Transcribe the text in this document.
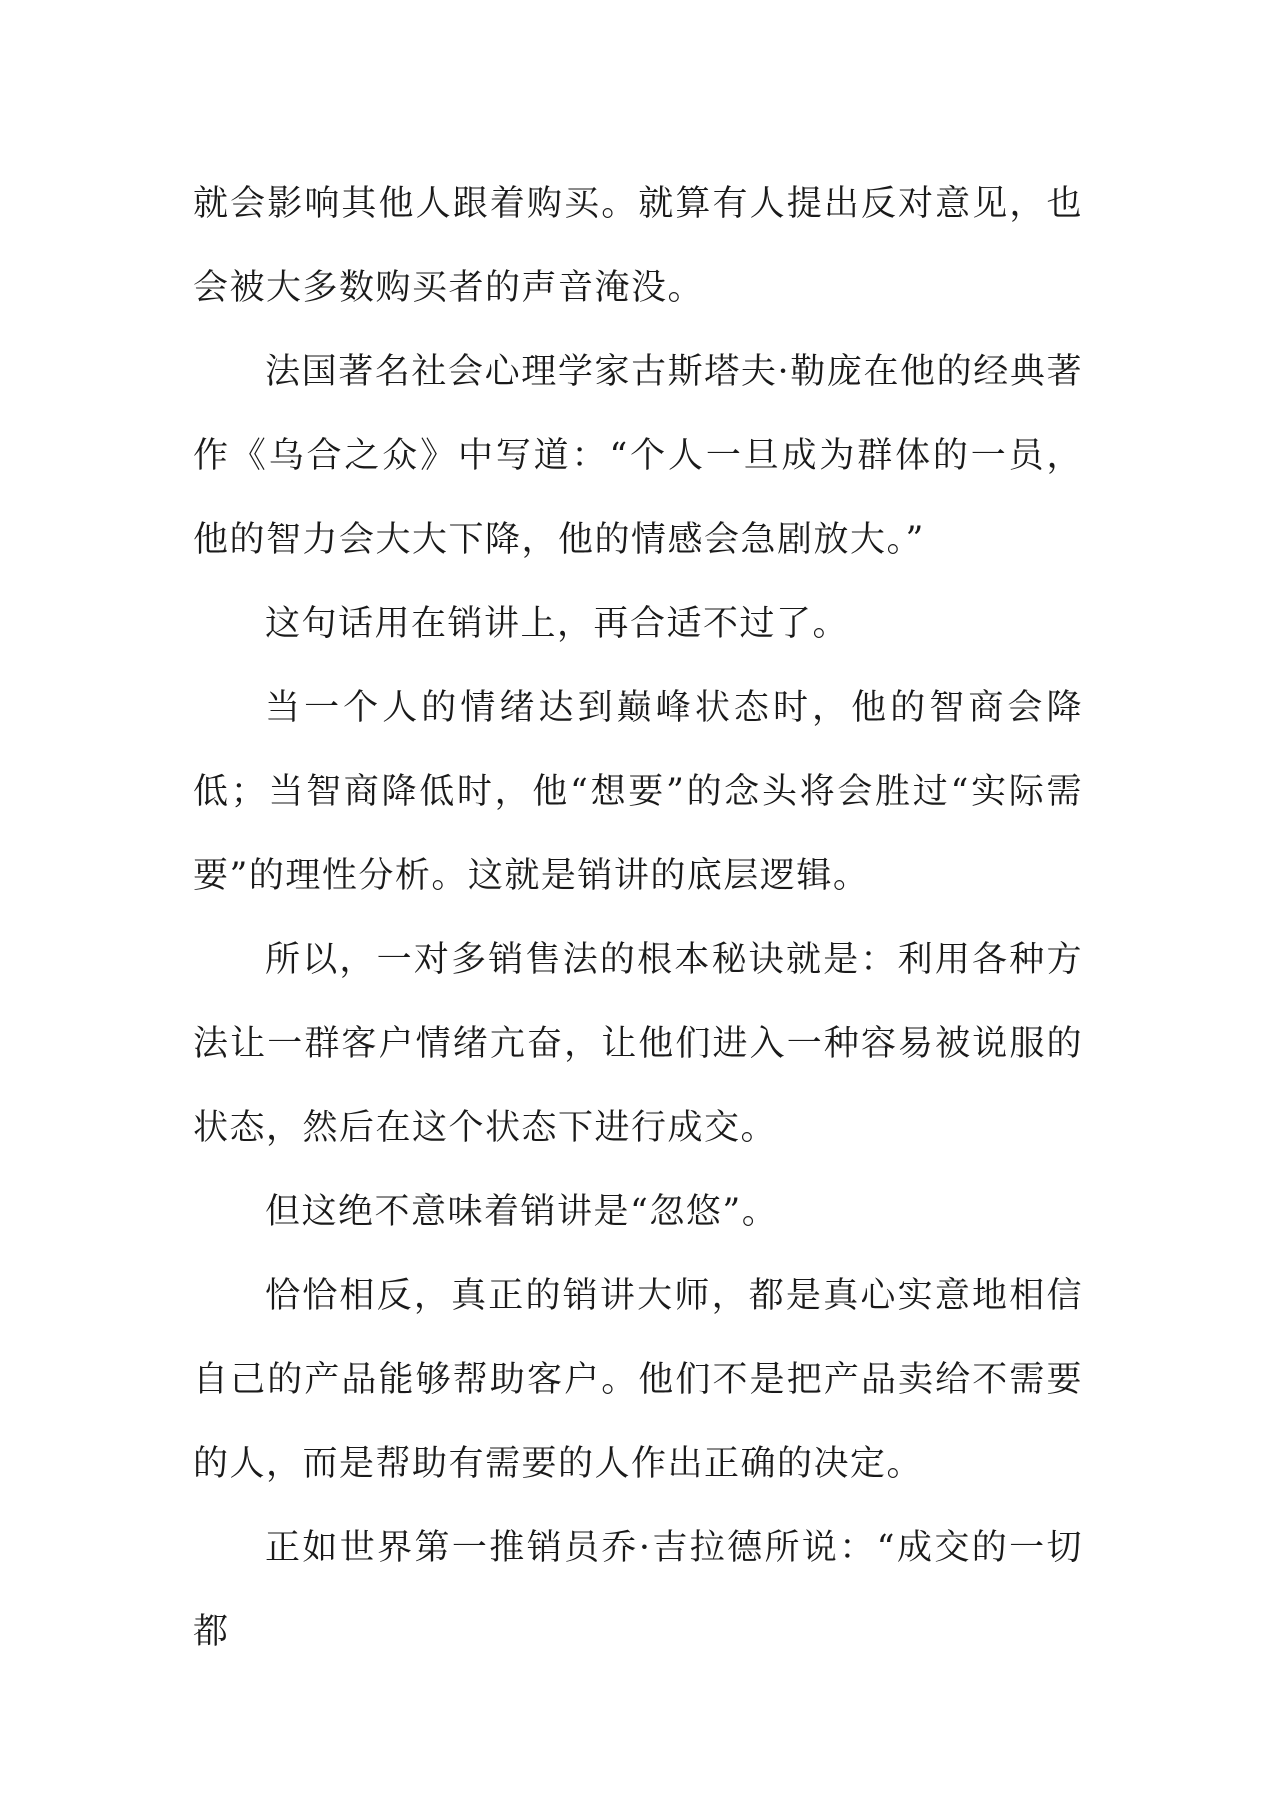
就会影响其他人跟着购买。就算有人提出反对意见，也会被大多数购买者的声音淹没。

法国著名社会心理学家古斯塔夫·勒庞在他的经典著作《乌合之众》中写道：“个人一旦成为群体的一员，他的智力会大大下降，他的情感会急剧放大。”

这句话用在销讲上，再合适不过了。

当一个人的情绪达到巅峰状态时，他的智商会降低；当智商降低时，他“想要”的念头将会胜过“实际需要”的理性分析。这就是销讲的底层逻辑。

所以，一对多销售法的根本秘诀就是：利用各种方法让一群客户情绪亢奋，让他们进入一种容易被说服的状态，然后在这个状态下进行成交。

但这绝不意味着销讲是“忽悠”。

恰恰相反，真正的销讲大师，都是真心实意地相信自己的产品能够帮助客户。他们不是把产品卖给不需要的人，而是帮助有需要的人作出正确的决定。

正如世界第一推销员乔·吉拉德所说：“成交的一切都
